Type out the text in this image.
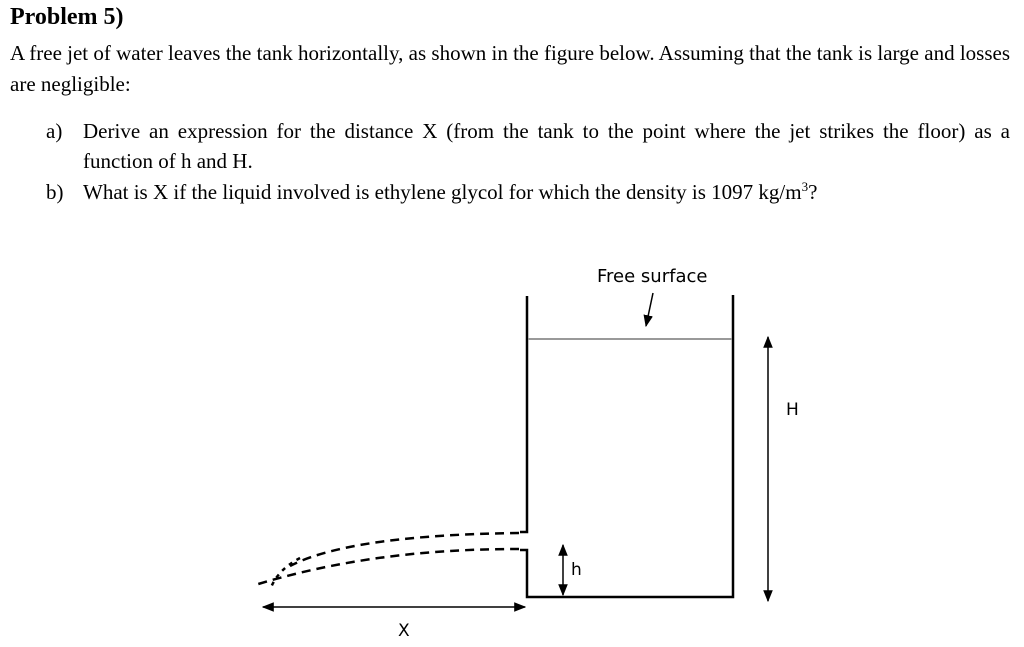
Problem 5)
A free jet of water leaves the tank horizontally, as shown in the figure below. Assuming that the tank is large and losses are negligible:
a) Derive an expression for the distance X (from the tank to the point where the jet strikes the floor) as a function of h and H.
b) What is X if the liquid involved is ethylene glycol for which the density is 1097 $kg/m^3$?
Free surface
H
h
X
